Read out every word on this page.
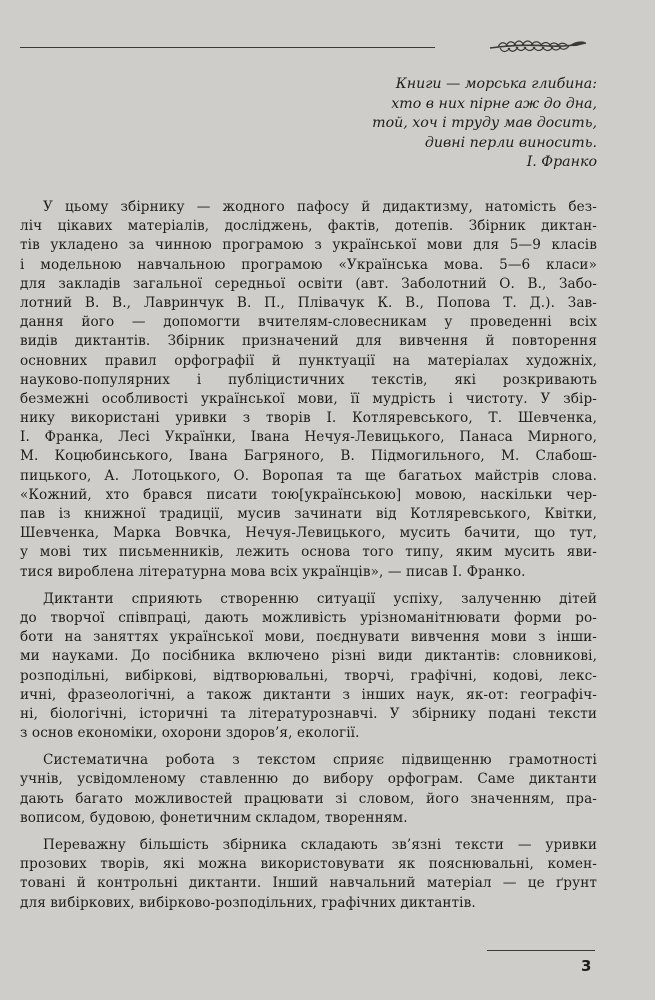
Книги — морська глибина:
хто в них пірне аж до дна,
той, хоч і труду мав досить,
дивні перли виносить.
І. Франко
У цьому збірнику — жодного пафосу й дидактизму, натомість без-
ліч цікавих матеріалів, досліджень, фактів, дотепів. Збірник диктан-
тів укладено за чинною програмою з української мови для 5—9 класів
і модельною навчальною програмою «Українська мова. 5—6 класи»
для закладів загальної середньої освіти (авт. Заболотний О. В., Забо-
лотний В. В., Лавринчук В. П., Плівачук К. В., Попова Т. Д.). Зав-
дання його — допомогти вчителям-словесникам у проведенні всіх
видів диктантів. Збірник призначений для вивчення й повторення
основних правил орфографії й пунктуації на матеріалах художніх,
науково-популярних і публіцистичних текстів, які розкривають
безмежні особливості української мови, її мудрість і чистоту. У збір-
нику використані уривки з творів І. Котляревського, Т. Шевченка,
І. Франка, Лесі Українки, Івана Нечуя-Левицького, Панаса Мирного,
М. Коцюбинського, Івана Багряного, В. Підмогильного, М. Слабош-
пицького, А. Лотоцького, О. Воропая та ще багатьох майстрів слова.
«Кожний, хто брався писати тою[українською] мовою, наскільки чер-
пав із книжної традиції, мусив зачинати від Котляревського, Квітки,
Шевченка, Марка Вовчка, Нечуя-Левицького, мусить бачити, що тут,
у мові тих письменників, лежить основа того типу, яким мусить яви-
тися вироблена літературна мова всіх українців», — писав І. Франко.
Диктанти сприяють створенню ситуації успіху, залученню дітей
до творчої співпраці, дають можливість урізноманітнювати форми ро-
боти на заняттях української мови, поєднувати вивчення мови з інши-
ми науками. До посібника включено різні види диктантів: словникові,
розподільні, вибіркові, відтворювальні, творчі, графічні, кодові, лекс-
ичні, фразеологічні, а також диктанти з інших наук, як-от: географіч-
ні, біологічні, історичні та літературознавчі. У збірнику подані тексти
з основ економіки, охорони здоров’я, екології.
Систематична робота з текстом сприяє підвищенню грамотності
учнів, усвідомленому ставленню до вибору орфограм. Саме диктанти
дають багато можливостей працювати зі словом, його значенням, пра-
вописом, будовою, фонетичним складом, творенням.
Переважну більшість збірника складають зв’язні тексти — уривки
прозових творів, які можна використовувати як пояснювальні, комен-
товані й контрольні диктанти. Інший навчальний матеріал — це ґрунт
для вибіркових, вибірково-розподільних, графічних диктантів.
3
